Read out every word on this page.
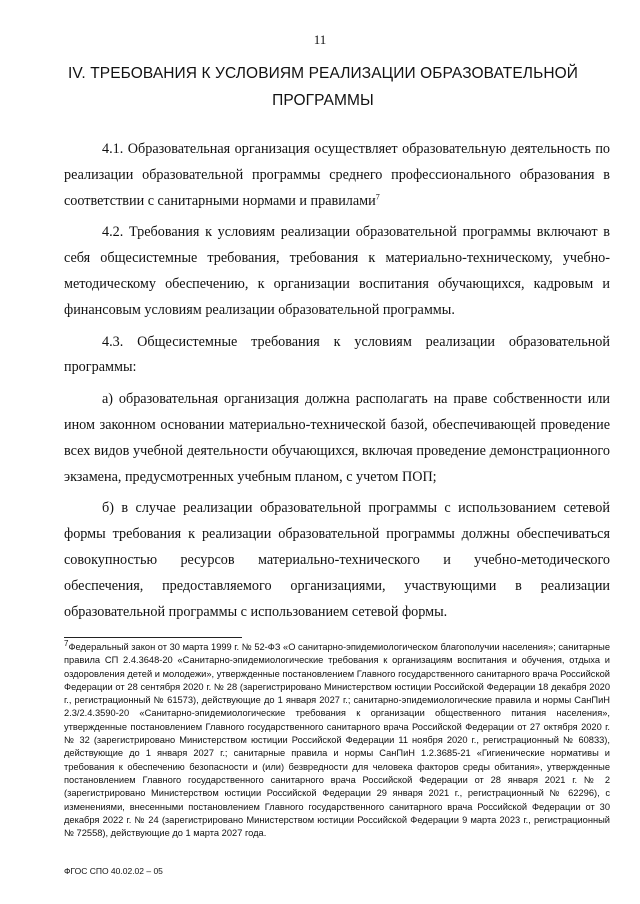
11
IV. ТРЕБОВАНИЯ К УСЛОВИЯМ РЕАЛИЗАЦИИ ОБРАЗОВАТЕЛЬНОЙ ПРОГРАММЫ

4.1. Образовательная организация осуществляет образовательную деятельность по реализации образовательной программы среднего профессионального образования в соответствии с санитарными нормами и правилами$^7$

4.2. Требования к условиям реализации образовательной программы включают в себя общесистемные требования, требования к материально-техническому, учебно-методическому обеспечению, к организации воспитания обучающихся, кадровым и финансовым условиям реализации образовательной программы.

4.3. Общесистемные требования к условиям реализации образовательной программы:

а) образовательная организация должна располагать на праве собственности или ином законном основании материально-технической базой, обеспечивающей проведение всех видов учебной деятельности обучающихся, включая проведение демонстрационного экзамена, предусмотренных учебным планом, с учетом ПОП;

б) в случае реализации образовательной программы с использованием сетевой формы требования к реализации образовательной программы должны обеспечиваться совокупностью ресурсов материально-технического и учебно-методического обеспечения, предоставляемого организациями, участвующими в реализации образовательной программы с использованием сетевой формы.

$^7$Федеральный закон от 30 марта 1999 г. № 52-ФЗ «О санитарно-эпидемиологическом благополучии населения»; санитарные правила СП 2.4.3648-20 «Санитарно-эпидемиологические требования к организациям воспитания и обучения, отдыха и оздоровления детей и молодежи», утвержденные постановлением Главного государственного санитарного врача Российской Федерации от 28 сентября 2020 г. № 28 (зарегистрировано Министерством юстиции Российской Федерации 18 декабря 2020 г., регистрационный № 61573), действующие до 1 января 2027 г.; санитарно-эпидемиологические правила и нормы СанПиН 2.3/2.4.3590-20 «Санитарно-эпидемиологические требования к организации общественного питания населения», утвержденные постановлением Главного государственного санитарного врача Российской Федерации от 27 октября 2020 г. № 32 (зарегистрировано Министерством юстиции Российской Федерации 11 ноября 2020 г., регистрационный № 60833), действующие до 1 января 2027 г.; санитарные правила и нормы СанПиН 1.2.3685-21 «Гигиенические нормативы и требования к обеспечению безопасности и (или) безвредности для человека факторов среды обитания», утвержденные постановлением Главного государственного санитарного врача Российской Федерации от 28 января 2021 г. № 2 (зарегистрировано Министерством юстиции Российской Федерации 29 января 2021 г., регистрационный № 62296), с изменениями, внесенными постановлением Главного государственного санитарного врача Российской Федерации от 30 декабря 2022 г. № 24 (зарегистрировано Министерством юстиции Российской Федерации 9 марта 2023 г., регистрационный № 72558), действующие до 1 марта 2027 года.
ФГОС СПО 40.02.02 – 05
